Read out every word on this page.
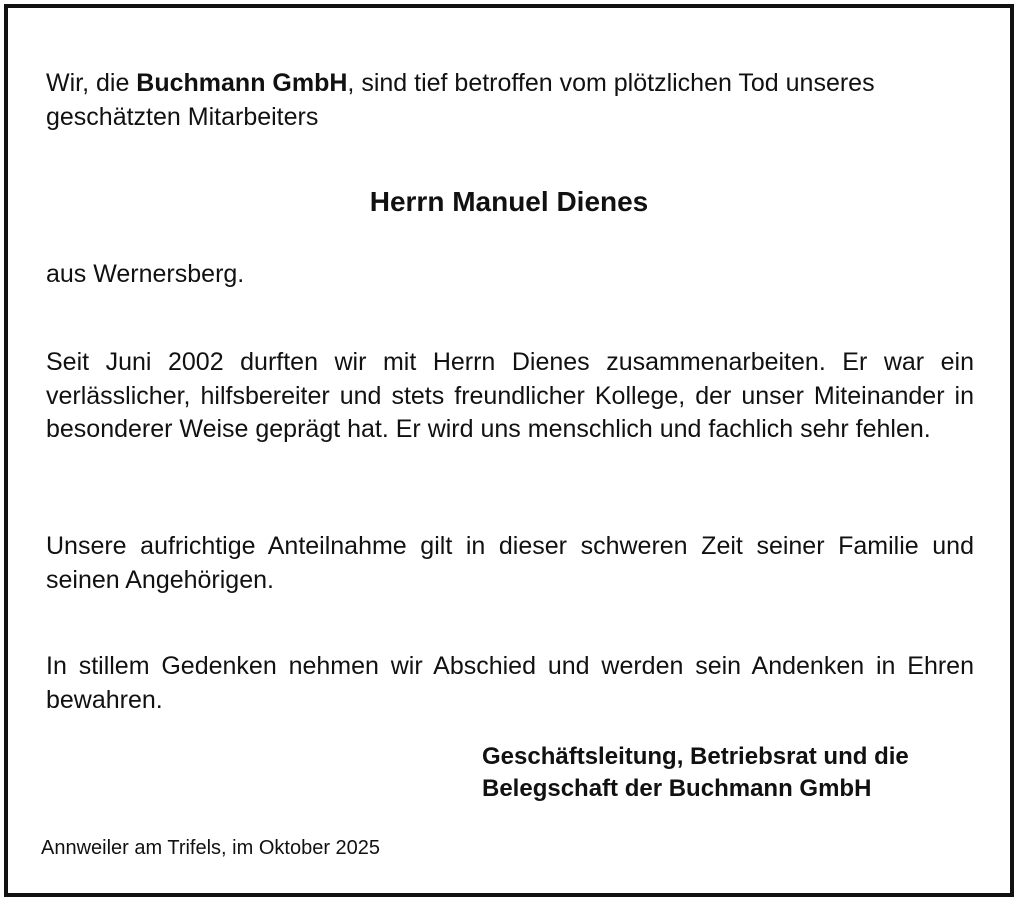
Wir, die Buchmann GmbH, sind tief betroffen vom plötzlichen Tod unseres geschätzten Mitarbeiters

Herrn Manuel Dienes

aus Wernersberg.

Seit Juni 2002 durften wir mit Herrn Dienes zusammenarbeiten. Er war ein verlässlicher, hilfsbereiter und stets freundlicher Kollege, der unser Miteinander in besonderer Weise geprägt hat. Er wird uns menschlich und fachlich sehr fehlen.

Unsere aufrichtige Anteilnahme gilt in dieser schweren Zeit seiner Familie und seinen Angehörigen.

In stillem Gedenken nehmen wir Abschied und werden sein Andenken in Ehren bewahren.

Geschäftsleitung, Betriebsrat und die
Belegschaft der Buchmann GmbH

Annweiler am Trifels, im Oktober 2025
